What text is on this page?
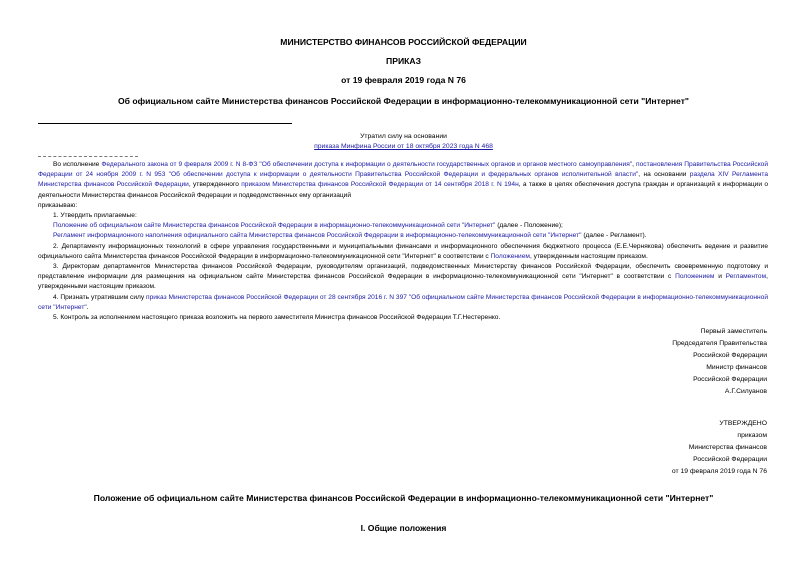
МИНИСТЕРСТВО ФИНАНСОВ РОССИЙСКОЙ ФЕДЕРАЦИИ
ПРИКАЗ
от 19 февраля 2019 года N 76
Об официальном сайте Министерства финансов Российской Федерации в информационно-телекоммуникационной сети "Интернет"
Утратил силу на основании
приказа Минфина России от 18 октября 2023 года N 468

Во исполнение Федерального закона от 9 февраля 2009 г. N 8-ФЗ "Об обеспечении доступа к информации о деятельности государственных органов и органов местного самоуправления", постановления Правительства Российской Федерации от 24 ноября 2009 г. N 953 "Об обеспечении доступа к информации о деятельности Правительства Российской Федерации и федеральных органов исполнительной власти", на основании раздела XIV Регламента Министерства финансов Российской Федерации, утвержденного приказом Министерства финансов Российской Федерации от 14 сентября 2018 г. N 194н, а также в целях обеспечения доступа граждан и организаций к информации о деятельности Министерства финансов Российской Федерации и подведомственных ему организаций

приказываю:

1. Утвердить прилагаемые:

Положение об официальном сайте Министерства финансов Российской Федерации в информационно-телекоммуникационной сети "Интернет" (далее - Положение);

Регламент информационного наполнения официального сайта Министерства финансов Российской Федерации в информационно-телекоммуникационной сети "Интернет" (далее - Регламент).

2. Департаменту информационных технологий в сфере управления государственными и муниципальными финансами и информационного обеспечения бюджетного процесса (Е.Е.Чернякова) обеспечить ведение и развитие официального сайта Министерства финансов Российской Федерации в информационно-телекоммуникационной сети "Интернет" в соответствии с Положением, утвержденным настоящим приказом.

3. Директорам департаментов Министерства финансов Российской Федерации, руководителям организаций, подведомственных Министерству финансов Российской Федерации, обеспечить своевременную подготовку и представление информации для размещения на официальном сайте Министерства финансов Российской Федерации в информационно-телекоммуникационной сети "Интернет" в соответствии с Положением и Регламентом, утвержденными настоящим приказом.

4. Признать утратившим силу приказ Министерства финансов Российской Федерации от 28 сентября 2016 г. N 397 "Об официальном сайте Министерства финансов Российской Федерации в информационно-телекоммуникационной сети "Интернет".

5. Контроль за исполнением настоящего приказа возложить на первого заместителя Министра финансов Российской Федерации Т.Г.Нестеренко.

Первый заместитель
Председателя Правительства
Российской Федерации
Министр финансов
Российской Федерации
А.Г.Силуанов
УТВЕРЖДЕНО
приказом
Министерства финансов
Российской Федерации
от 19 февраля 2019 года N 76
Положение об официальном сайте Министерства финансов Российской Федерации в информационно-телекоммуникационной сети "Интернет"
I. Общие положения
